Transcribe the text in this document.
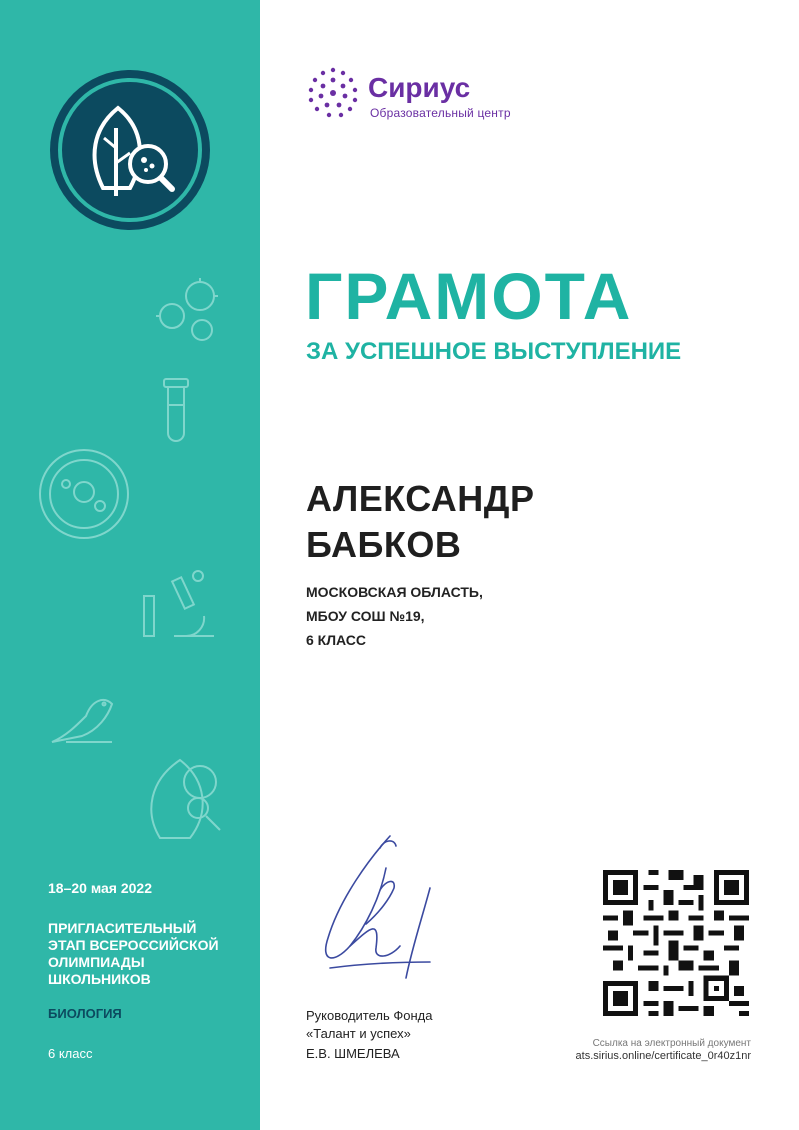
18–20 мая 2022
ПРИГЛАСИТЕЛЬНЫЙ
ЭТАП ВСЕРОССИЙСКОЙ
ОЛИМПИАДЫ
ШКОЛЬНИКОВ
БИОЛОГИЯ
6 класс
Сириус
Образовательный центр
ГРАМОТА
ЗА УСПЕШНОЕ ВЫСТУПЛЕНИЕ
АЛЕКСАНДР
БАБКОВ
МОСКОВСКАЯ ОБЛАСТЬ,
МБОУ СОШ №19,
6 КЛАСС
Руководитель Фонда
«Талант и успех»
Е.В. ШМЕЛЕВА
Ссылка на электронный документ
ats.sirius.online/certificate_0r40z1nr
